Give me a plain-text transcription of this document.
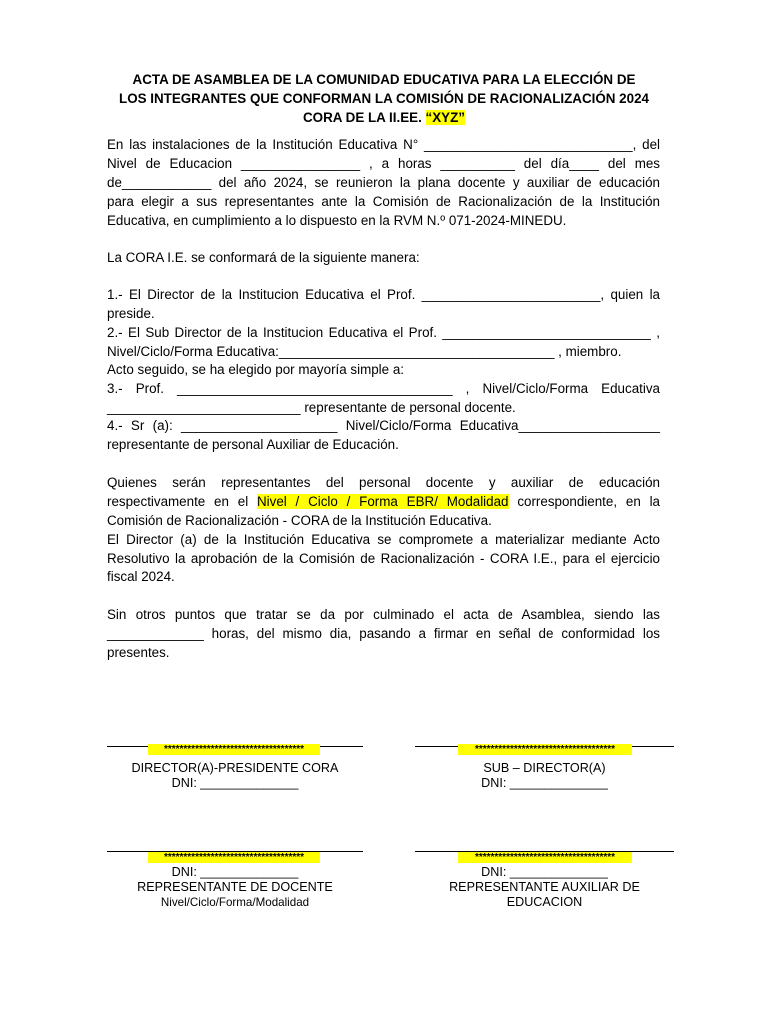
ACTA DE ASAMBLEA DE LA COMUNIDAD EDUCATIVA PARA LA ELECCIÓN DE
LOS INTEGRANTES QUE CONFORMAN LA COMISIÓN DE RACIONALIZACIÓN 2024
CORA DE LA II.EE. “XYZ”
En las instalaciones de la Institución Educativa N° ____________________________, del
Nivel de Educacion ________________ , a horas __________ del día____ del mes
de____________ del año 2024, se reunieron la plana docente y auxiliar de educación
para elegir a sus representantes ante la Comisión de Racionalización de la Institución
Educativa, en cumplimiento a lo dispuesto en la RVM N.º 071-2024-MINEDU.
La CORA I.E. se conformará de la siguiente manera:
1.- El Director de la Institucion Educativa el Prof. ________________________, quien la
preside.
2.- El Sub Director de la Institucion Educativa el Prof. ____________________________ ,
Nivel/Ciclo/Forma Educativa:_____________________________________ , miembro.
Acto seguido, se ha elegido por mayoría simple a:
3.- Prof. _____________________________________ , Nivel/Ciclo/Forma Educativa
__________________________ representante de personal docente.
4.- Sr (a): _____________________ Nivel/Ciclo/Forma Educativa___________________
representante de personal Auxiliar de Educación.
Quienes serán representantes del personal docente y auxiliar de educación
respectivamente en el Nivel / Ciclo / Forma EBR/ Modalidad correspondiente, en la
Comisión de Racionalización - CORA de la Institución Educativa.
El Director (a) de la Institución Educativa se compromete a materializar mediante Acto
Resolutivo la aprobación de la Comisión de Racionalización - CORA I.E., para el ejercicio
fiscal 2024.
Sin otros puntos que tratar se da por culminado el acta de Asamblea, siendo las
_____________ horas, del mismo dia, pasando a firmar en señal de conformidad los
presentes.
************************************
DIRECTOR(A)-PRESIDENTE CORA
DNI: ______________
************************************
SUB – DIRECTOR(A)
DNI: ______________
************************************
DNI: ______________
REPRESENTANTE DE DOCENTE
Nivel/Ciclo/Forma/Modalidad
************************************
DNI: ______________
REPRESENTANTE AUXILIAR DE
EDUCACION
